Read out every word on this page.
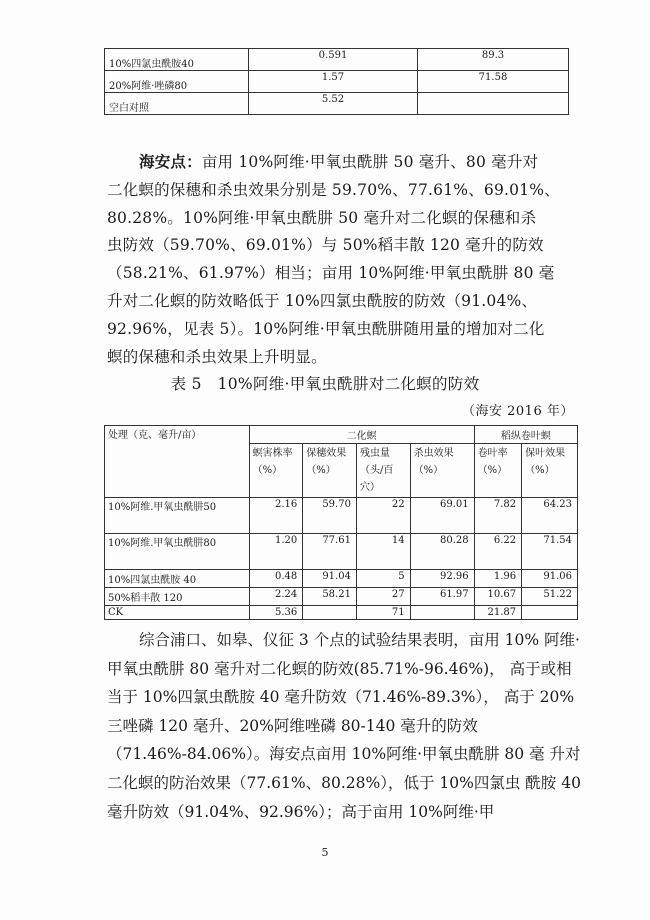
10%四氯虫酰胺40	0.591	89.3
20%阿维·唑磷80	1.57	71.58
空白对照	5.52	
海安点：亩用 10%阿维·甲氧虫酰肼 50 毫升、80 毫升对
二化螟的保穗和杀虫效果分别是 59.70%、77.61%、69.01%、
80.28%。10%阿维·甲氧虫酰肼 50 毫升对二化螟的保穗和杀
虫防效（59.70%、69.01%）与 50%稻丰散 120 毫升的防效
（58.21%、61.97%）相当；亩用 10%阿维·甲氧虫酰肼 80 毫
升对二化螟的防效略低于 10%四氯虫酰胺的防效（91.04%、
92.96%，见表 5）。10%阿维·甲氧虫酰肼随用量的增加对二化
螟的保穗和杀虫效果上升明显。
表 5　10%阿维·甲氧虫酰肼对二化螟的防效
（海安 2016 年）
处理（克、毫升/亩）	二化螟				稻纵卷叶螟	
	螟害株率（%）	保穗效果（%）	残虫量（头/百穴）	杀虫效果（%）	卷叶率（%）	保叶效果（%）
10%阿维.甲氧虫酰肼50	2.16	59.70	22	69.01	7.82	64.23
10%阿维.甲氧虫酰肼80	1.20	77.61	14	80.28	6.22	71.54
10%四氯虫酰胺 40	0.48	91.04	5	92.96	1.96	91.06
50%稻丰散 120	2.24	58.21	27	61.97	10.67	51.22
CK	5.36		71		21.87	
综合浦口、如皋、仪征 3 个点的试验结果表明，亩用 10% 阿维·甲氧虫酰肼 80 毫升对二化螟的防效(85.71%-96.46%)， 高于或相当于 10%四氯虫酰胺 40 毫升防效（71.46%-89.3%）， 高于 20%三唑磷 120 毫升、20%阿维唑磷 80-140 毫升的防效 （71.46%-84.06%）。海安点亩用 10%阿维·甲氧虫酰肼 80 毫 升对二化螟的防治效果（77.61%、80.28%），低于 10%四氯虫 酰胺 40 毫升防效（91.04%、92.96%）；高于亩用 10%阿维·甲
5
